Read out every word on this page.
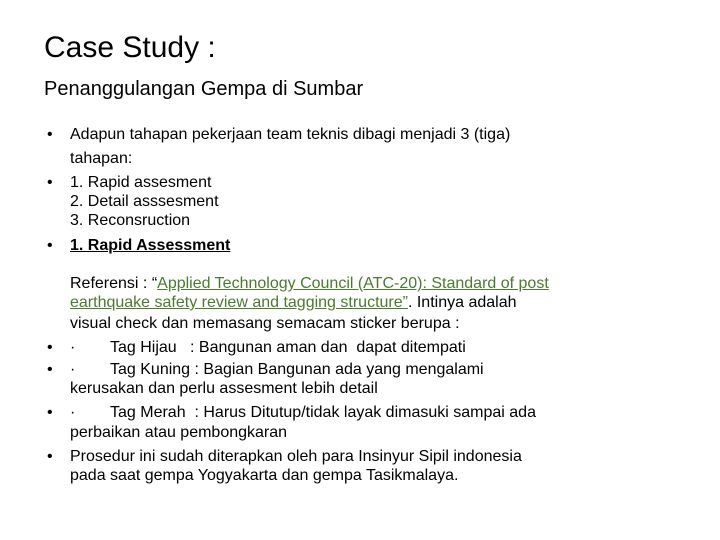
Case Study :
Penanggulangan Gempa di Sumbar
• Adapun tahapan pekerjaan team teknis dibagi menjadi 3 (tiga)
tahapan:
• 1. Rapid assesment
2. Detail asssesment
3. Reconsruction
• 1. Rapid Assessment
Referensi : “Applied Technology Council (ATC-20): Standard of post
earthquake safety review and tagging structure”. Intinya adalah
visual check dan memasang semacam sticker berupa :
• · Tag Hijau   : Bangunan aman dan  dapat ditempati
• · Tag Kuning : Bagian Bangunan ada yang mengalami
kerusakan dan perlu assesment lebih detail
• · Tag Merah  : Harus Ditutup/tidak layak dimasuki sampai ada
perbaikan atau pembongkaran
• Prosedur ini sudah diterapkan oleh para Insinyur Sipil indonesia
pada saat gempa Yogyakarta dan gempa Tasikmalaya.
